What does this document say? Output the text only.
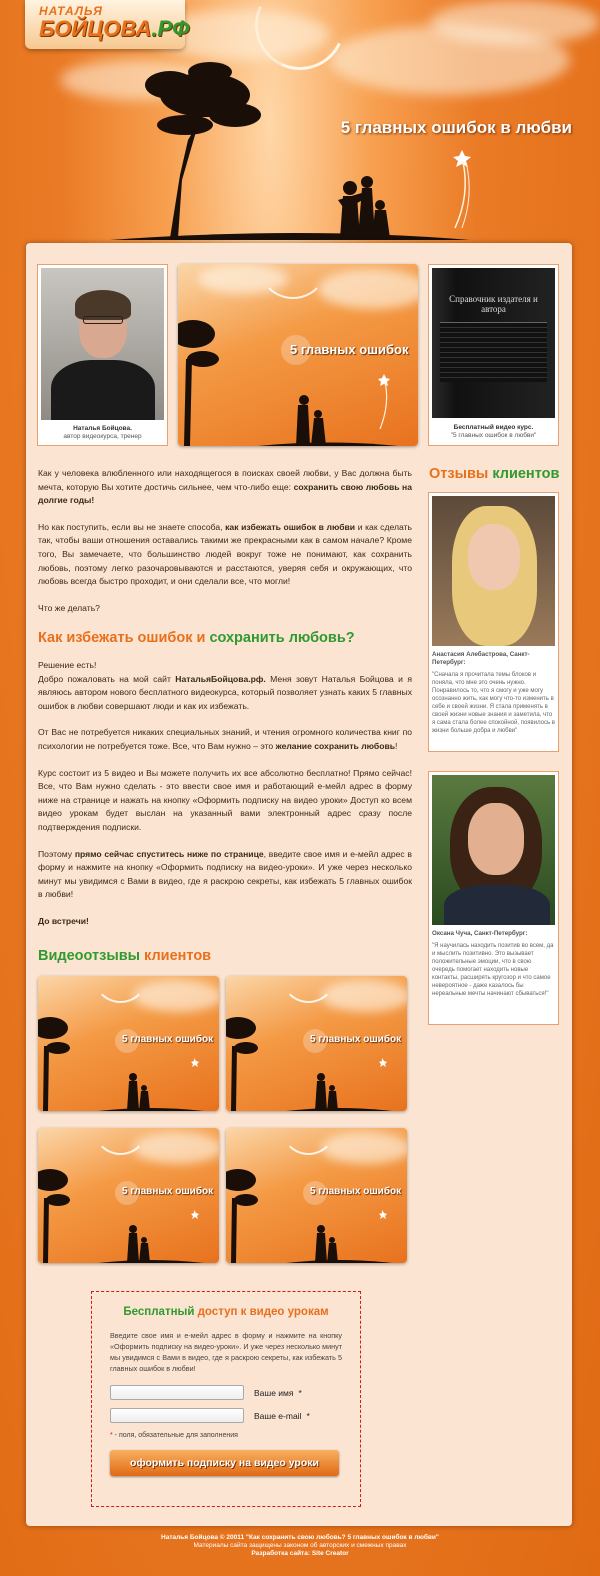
НАТАЛЬЯ
БОЙЦОВА.РФ
5 главных ошибок в любви
Наталья Бойцова.
автор видеокурса, тренер
5 главных ошибок
Справочник издателя и автора
Бесплатный видео курс.
"5 главных ошибок в любви"

Как у человека влюбленного или находящегося в поисках своей любви, у Вас должна быть мечта, которую Вы хотите достичь сильнее, чем что-либо еще: сохранить свою любовь на долгие годы!

Но как поступить, если вы не знаете способа, как избежать ошибок в любви и как сделать так, чтобы ваши отношения оставались такими же прекрасными как в самом начале? Кроме того, Вы замечаете, что большинство людей вокруг тоже не понимают, как сохранить любовь, поэтому легко разочаровываются и расстаются, уверяя себя и окружающих, что любовь всегда быстро проходит, и они сделали все, что могли!

Что же делать?

Как избежать ошибок и сохранить любовь?

Решение есть!
Добро пожаловать на мой сайт НатальяБойцова.рф. Меня зовут Наталья Бойцова и я являюсь автором нового бесплатного видеокурса, который позволяет узнать каких 5 главных ошибок в любви совершают люди и как их избежать.

От Вас не потребуется никаких специальных знаний, и чтения огромного количества книг по психологии не потребуется тоже. Все, что Вам нужно – это желание сохранить любовь!

Курс состоит из 5 видео и Вы можете получить их все абсолютно бесплатно! Прямо сейчас! Все, что Вам нужно сделать - это ввести свое имя и работающий е-мейл адрес в форму ниже на странице и нажать на кнопку «Оформить подписку на видео уроки» Доступ ко всем видео урокам будет выслан на указанный вами электронный адрес сразу после подтверждения подписки.

Поэтому прямо сейчас спуститесь ниже по странице, введите свое имя и е-мейл адрес в форму и нажмите на кнопку «Оформить подписку на видео-уроки». И уже через несколько минут мы увидимся с Вами в видео, где я раскрою секреты, как избежать 5 главных ошибок в любви!

До встречи!

Отзывы клиентов
Анастасия Алебастрова, Санкт-Петербург:
"Сначала я прочитала темы блоков и поняла, что мне это очень нужно. Понравилось то, что я смогу и уже могу осознанно жить, как могу что-то изменить в себе и своей жизни. Я стала применять в своей жизни новые знания и заметила, что я сама стала более спокойной, появилось в жизни больше добра и любви"
Оксана Чуча, Санкт-Петербург:
"Я научилась находить позитив во всем, да и мыслить позитивно. Это вызывает положительные эмоции, что в свою очередь помогает находить новые контакты, расширять кругозор и что самое невероятное - даже казалось бы нереальные мечты начинают сбываться!"
Видеоотзывы клиентов
5 главных ошибок	5 главных ошибок
5 главных ошибок	5 главных ошибок
Бесплатный доступ к видео урокам
Введите свое имя и е-мейл адрес в форму и нажмите на кнопку «Оформить подписку на видео-уроки». И уже через несколько минут мы увидимся с Вами в видео, где я раскрою секреты, как избежать 5 главных ошибок в любви!
Ваше имя *
Ваше e-mail *
* - поля, обязательные для заполнения
оформить подписку на видео уроки
Наталья Бойцова © 20011 "Как сохранить свою любовь? 5 главных ошибок в любви"
Материалы сайта защищены законом об авторских и смежных правах
Разработка сайта: Site Creator
